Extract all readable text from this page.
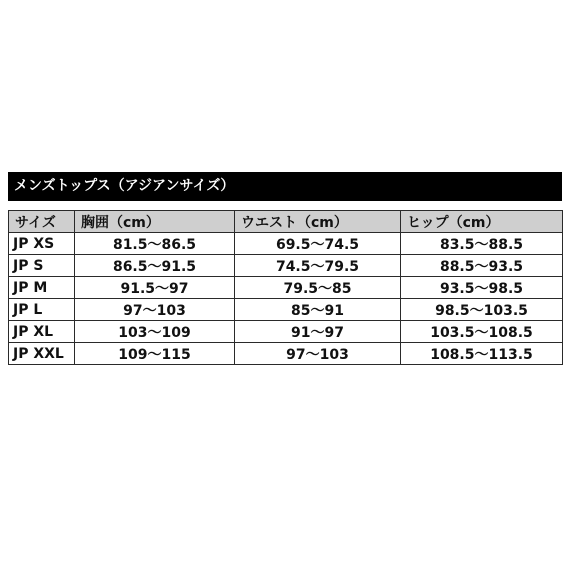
メンズトップス（アジアンサイズ）
サイズ	胸囲（cm）	ウエスト（cm）	ヒップ（cm）
JP XS	81.5～86.5	69.5～74.5	83.5～88.5
JP S	86.5～91.5	74.5～79.5	88.5～93.5
JP M	91.5～97	79.5～85	93.5～98.5
JP L	97～103	85～91	98.5～103.5
JP XL	103～109	91～97	103.5～108.5
JP XXL	109～115	97～103	108.5～113.5
